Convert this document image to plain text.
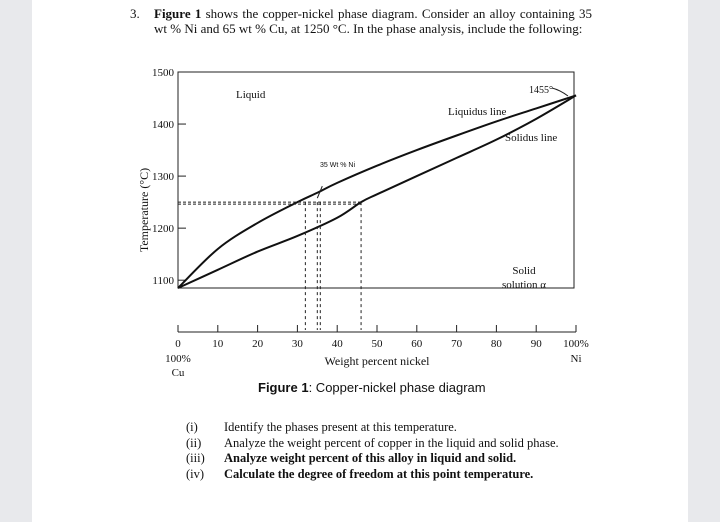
3. Figure 1 shows the copper-nickel phase diagram. Consider an alloy containing 35 wt % Ni and 65 wt % Cu, at 1250 °C. In the phase analysis, include the following:
1100
1200
1300
1400
1500
0	10	20	30	40	50	60	70	80	90 100%
100%
Cu
Ni
Weight percent nickel
Temperature (°C)
Liquid
Liquidus line
Solidus line
Solid
solution α
35 Wt % Ni
1455°
Figure 1: Copper-nickel phase diagram
(i) Identify the phases present at this temperature.
(ii) Analyze the weight percent of copper in the liquid and solid phase.
(iii) Analyze weight percent of this alloy in liquid and solid.
(iv) Calculate the degree of freedom at this point temperature.
